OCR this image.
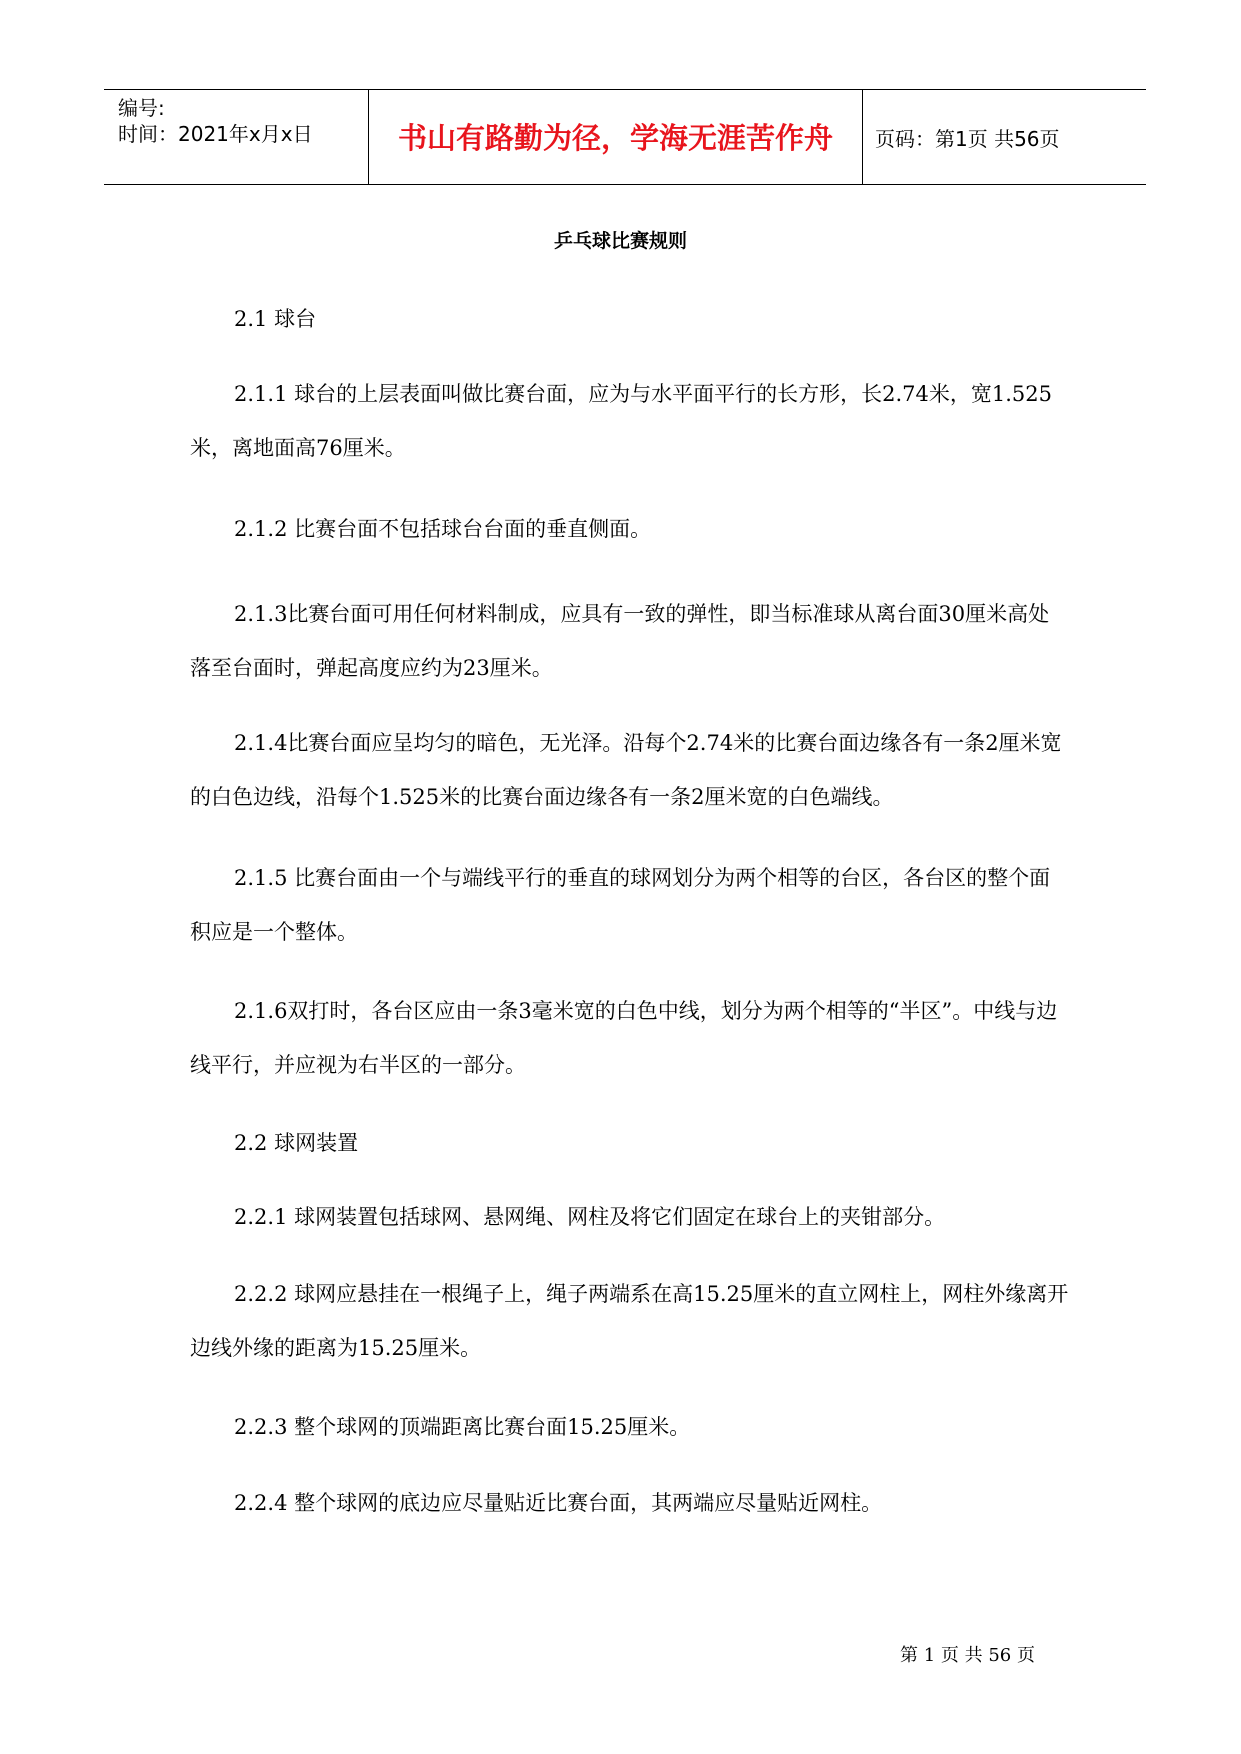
编号:
时间：2021年x月x日	书山有路勤为径，学海无涯苦作舟	页码：第1页 共56页
乒乓球比赛规则
2.1 球台
2.1.1 球台的上层表面叫做比赛台面，应为与水平面平行的长方形，长2.74米，宽1.525米，离地面高76厘米。
2.1.2 比赛台面不包括球台台面的垂直侧面。
2.1.3比赛台面可用任何材料制成，应具有一致的弹性，即当标准球从离台面30厘米高处落至台面时，弹起高度应约为23厘米。
2.1.4比赛台面应呈均匀的暗色，无光泽。沿每个2.74米的比赛台面边缘各有一条2厘米宽的白色边线，沿每个1.525米的比赛台面边缘各有一条2厘米宽的白色端线。
2.1.5 比赛台面由一个与端线平行的垂直的球网划分为两个相等的台区，各台区的整个面积应是一个整体。
2.1.6双打时，各台区应由一条3毫米宽的白色中线，划分为两个相等的“半区”。中线与边线平行，并应视为右半区的一部分。
2.2 球网装置
2.2.1 球网装置包括球网、悬网绳、网柱及将它们固定在球台上的夹钳部分。
2.2.2 球网应悬挂在一根绳子上，绳子两端系在高15.25厘米的直立网柱上，网柱外缘离开边线外缘的距离为15.25厘米。
2.2.3 整个球网的顶端距离比赛台面15.25厘米。
2.2.4 整个球网的底边应尽量贴近比赛台面，其两端应尽量贴近网柱。
第 1 页 共 56 页
